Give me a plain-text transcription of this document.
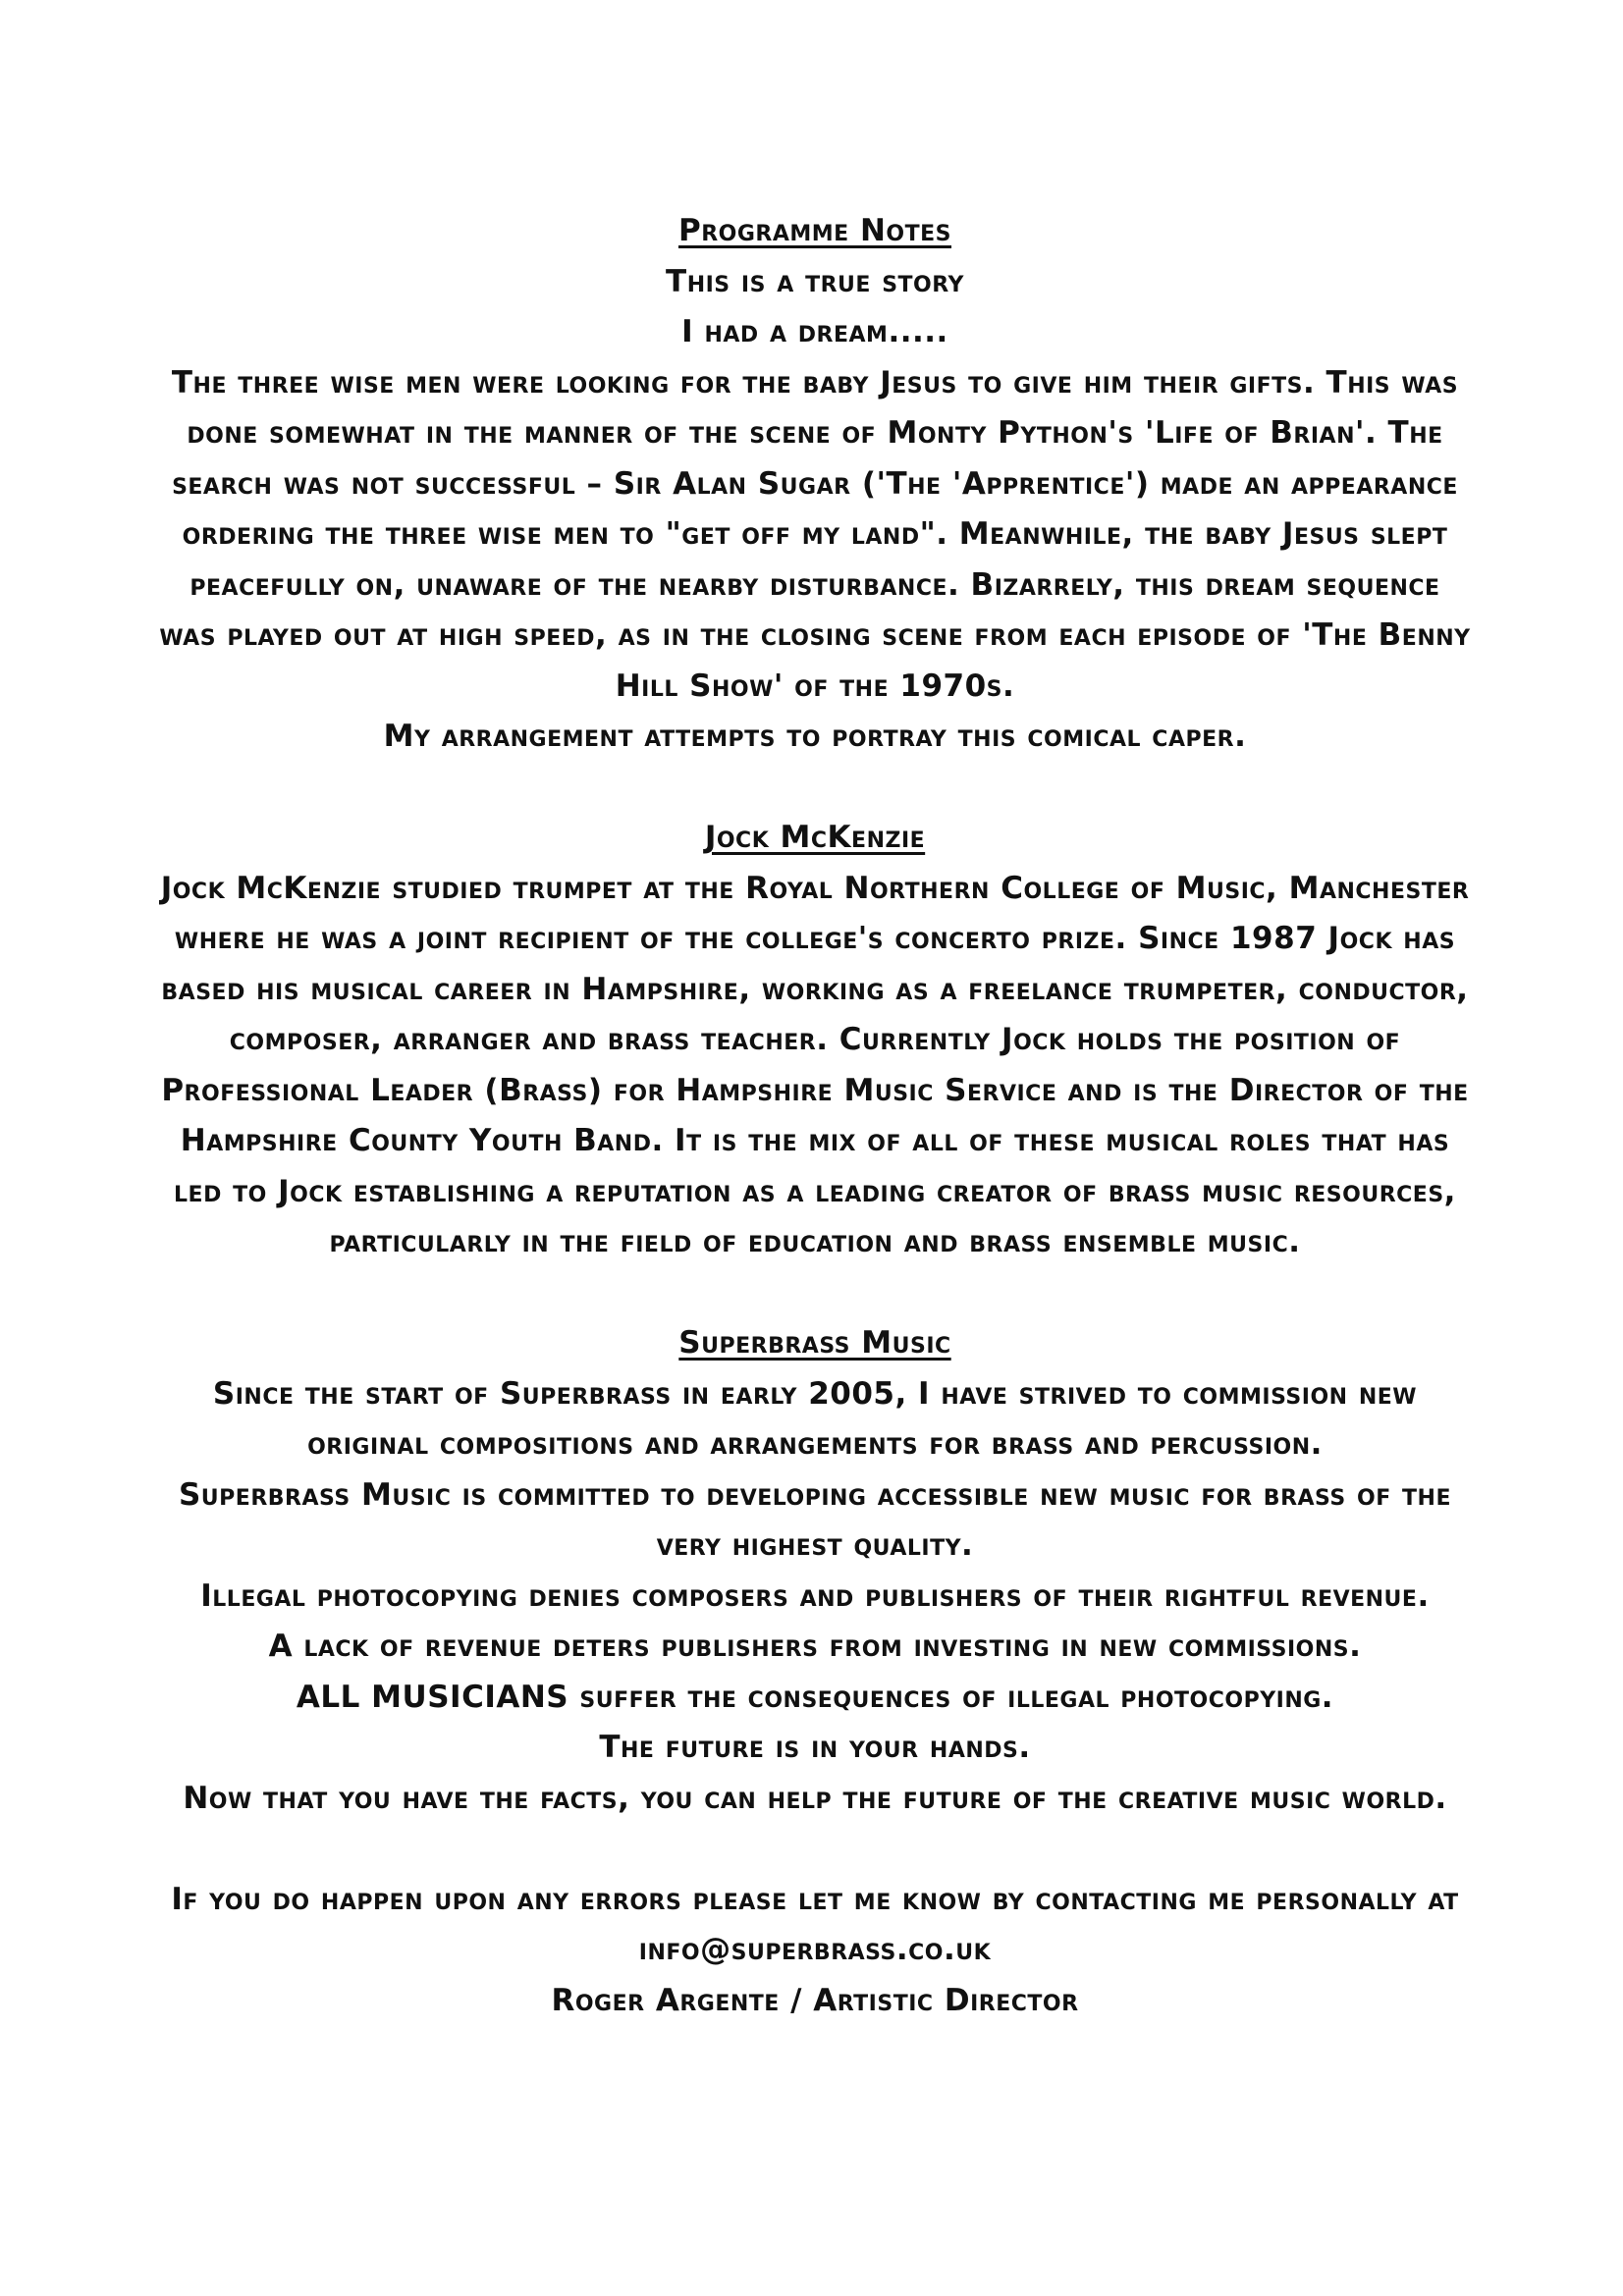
Programme Notes
This is a true story
I had a dream.....
The three wise men were looking for the baby Jesus to give him their gifts. This was done somewhat in the manner of the scene of Monty Python's 'Life of Brian'. The search was not successful – Sir Alan Sugar ('The 'Apprentice') made an appearance ordering the three wise men to "get off my land". Meanwhile, the baby Jesus slept peacefully on, unaware of the nearby disturbance. Bizarrely, this dream sequence was played out at high speed, as in the closing scene from each episode of 'The Benny Hill Show' of the 1970s.
My arrangement attempts to portray this comical caper.
Jock McKenzie
Jock McKenzie studied trumpet at the Royal Northern College of Music, Manchester where he was a joint recipient of the college's concerto prize. Since 1987 Jock has based his musical career in Hampshire, working as a freelance trumpeter, conductor, composer, arranger and brass teacher. Currently Jock holds the position of Professional Leader (Brass) for Hampshire Music Service and is the Director of the Hampshire County Youth Band. It is the mix of all of these musical roles that has led to Jock establishing a reputation as a leading creator of brass music resources, particularly in the field of education and brass ensemble music.
Superbrass Music
Since the start of Superbrass in early 2005, I have strived to commission new original compositions and arrangements for brass and percussion.
Superbrass Music is committed to developing accessible new music for brass of the very highest quality.
Illegal photocopying denies composers and publishers of their rightful revenue.
A lack of revenue deters publishers from investing in new commissions.
ALL MUSICIANS suffer the consequences of illegal photocopying.
The future is in your hands.
Now that you have the facts, you can help the future of the creative music world.
If you do happen upon any errors please let me know by contacting me personally at
info@superbrass.co.uk
Roger Argente / Artistic Director
